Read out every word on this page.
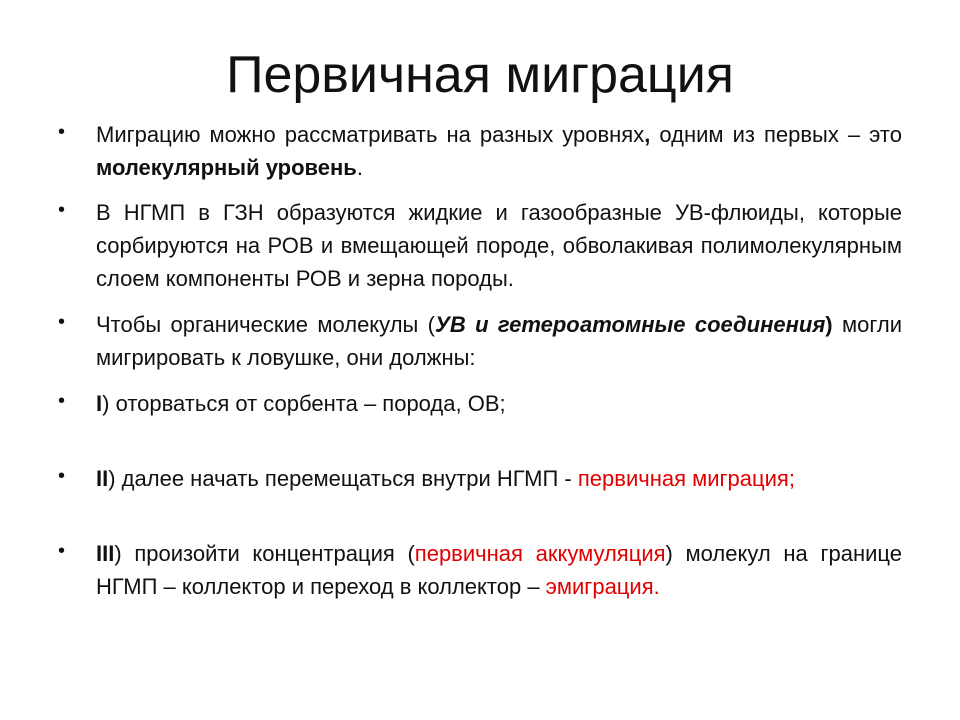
Первичная миграция
• Миграцию можно рассматривать на разных уровнях, одним из первых – это молекулярный уровень.
• В НГМП в ГЗН образуются жидкие и газообразные УВ-флюиды, которые сорбируются на РОВ и вмещающей породе, обволакивая полимолекулярным слоем компоненты РОВ и зерна породы.
• Чтобы органические молекулы (УВ и гетероатомные соединения) могли мигрировать к ловушке, они должны:
• I) оторваться от сорбента – порода, ОВ;
• II) далее начать перемещаться внутри НГМП - первичная миграция;
• III) произойти концентрация (первичная аккумуляция) молекул на границе НГМП – коллектор и переход в коллектор – эмиграция.
